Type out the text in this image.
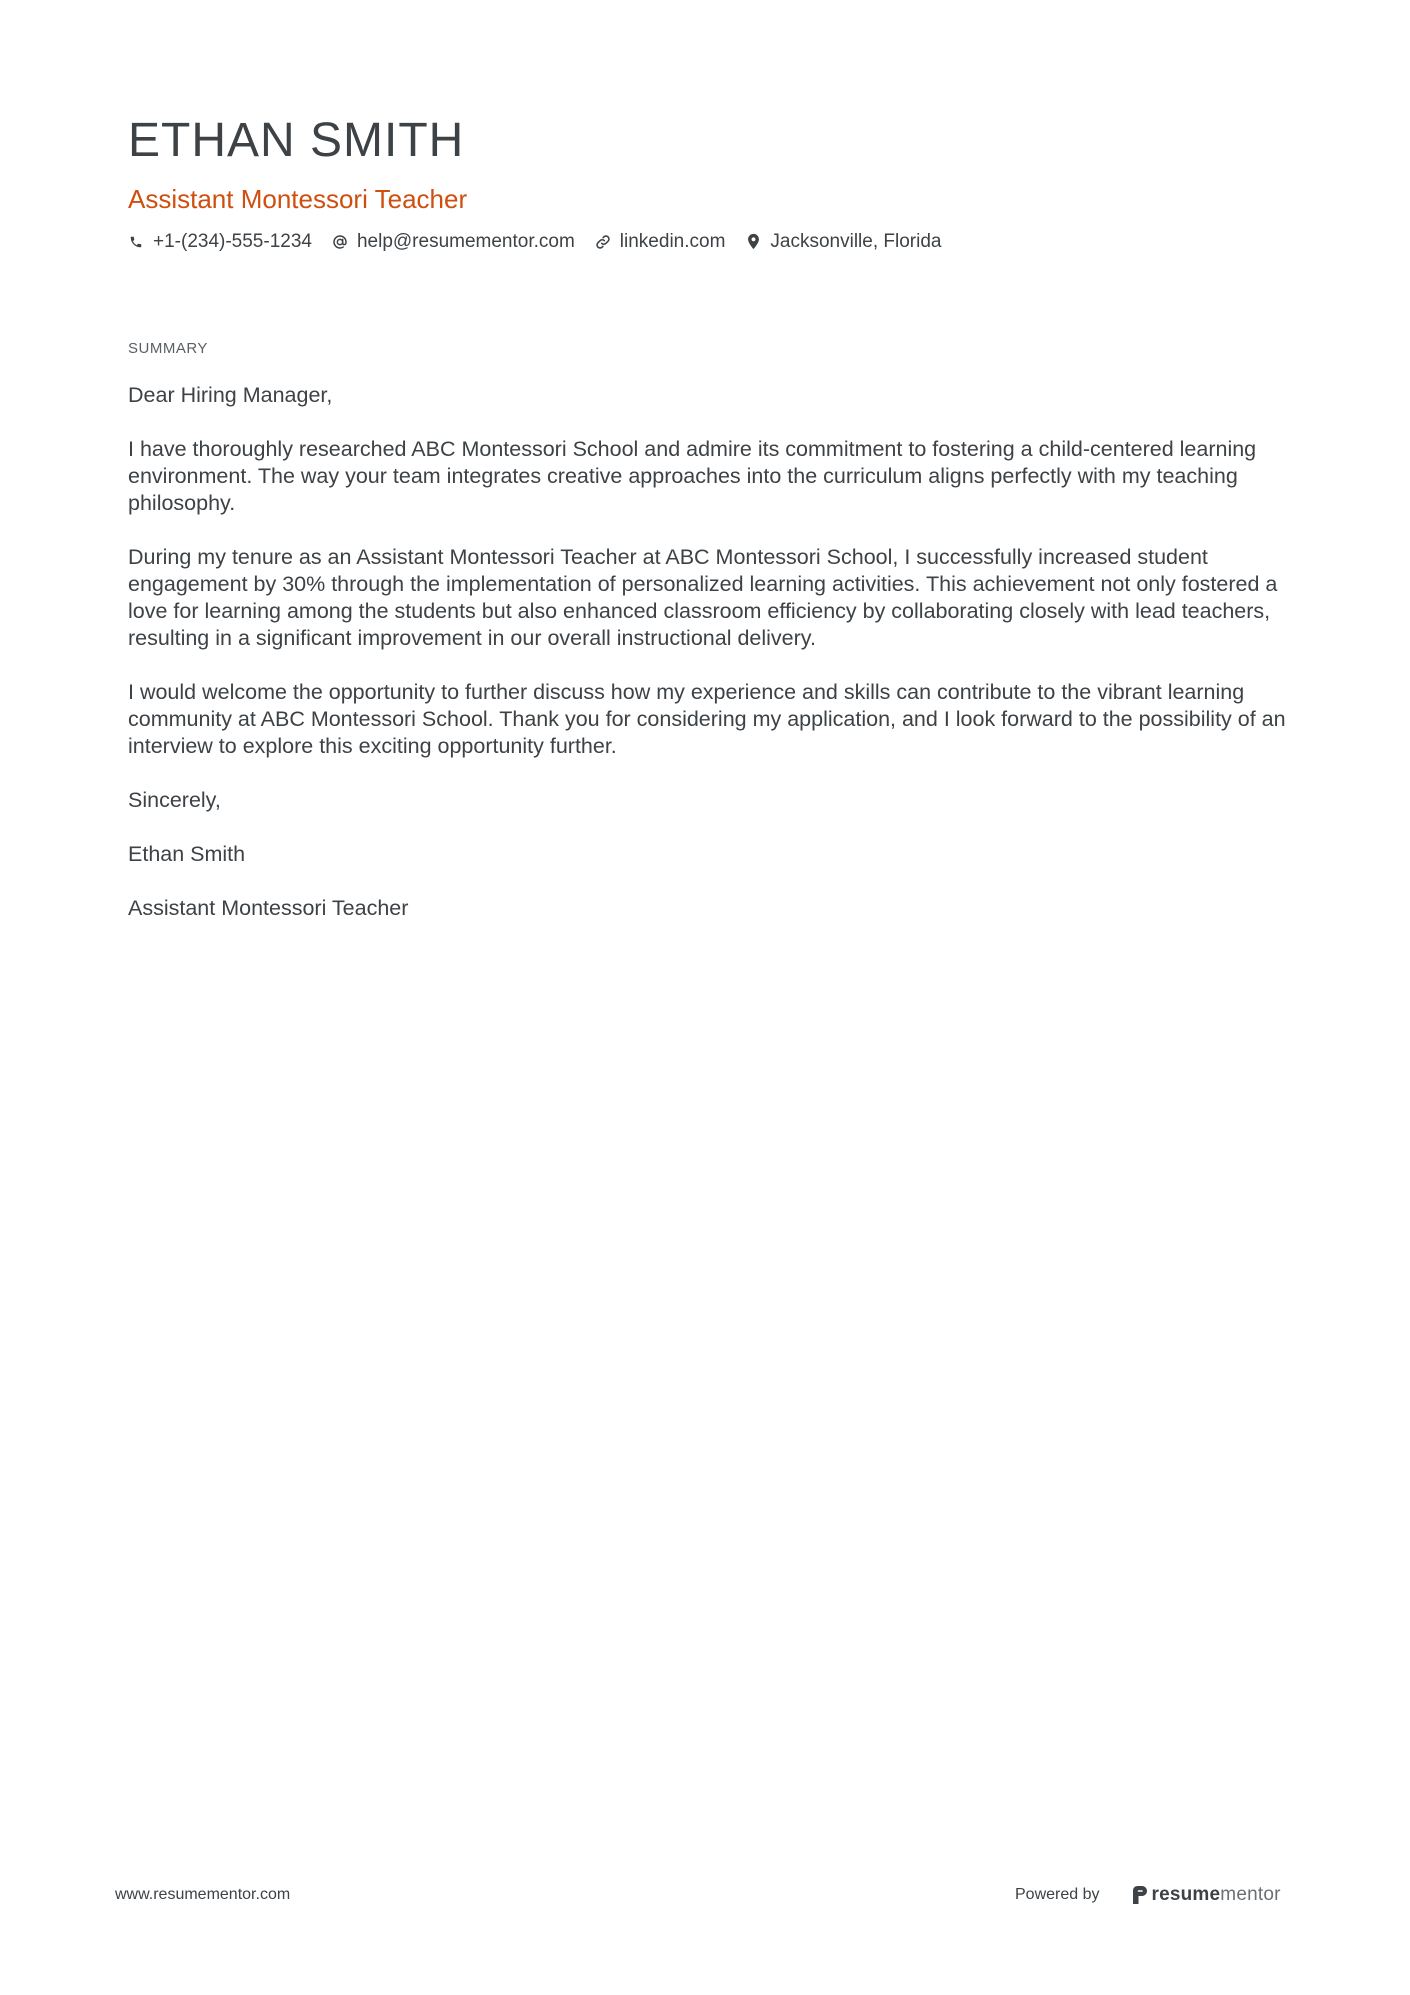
ETHAN SMITH
Assistant Montessori Teacher
+1-(234)-555-1234 help@resumementor.com linkedin.com Jacksonville, Florida
SUMMARY

Dear Hiring Manager,

I have thoroughly researched ABC Montessori School and admire its commitment to fostering a child-centered learning environment. The way your team integrates creative approaches into the curriculum aligns perfectly with my teaching philosophy.

During my tenure as an Assistant Montessori Teacher at ABC Montessori School, I successfully increased student engagement by 30% through the implementation of personalized learning activities. This achievement not only fostered a love for learning among the students but also enhanced classroom efficiency by collaborating closely with lead teachers, resulting in a significant improvement in our overall instructional delivery.

I would welcome the opportunity to further discuss how my experience and skills can contribute to the vibrant learning community at ABC Montessori School. Thank you for considering my application, and I look forward to the possibility of an interview to explore this exciting opportunity further.

Sincerely,

Ethan Smith

Assistant Montessori Teacher

www.resumementor.com	Powered by	resumementor
